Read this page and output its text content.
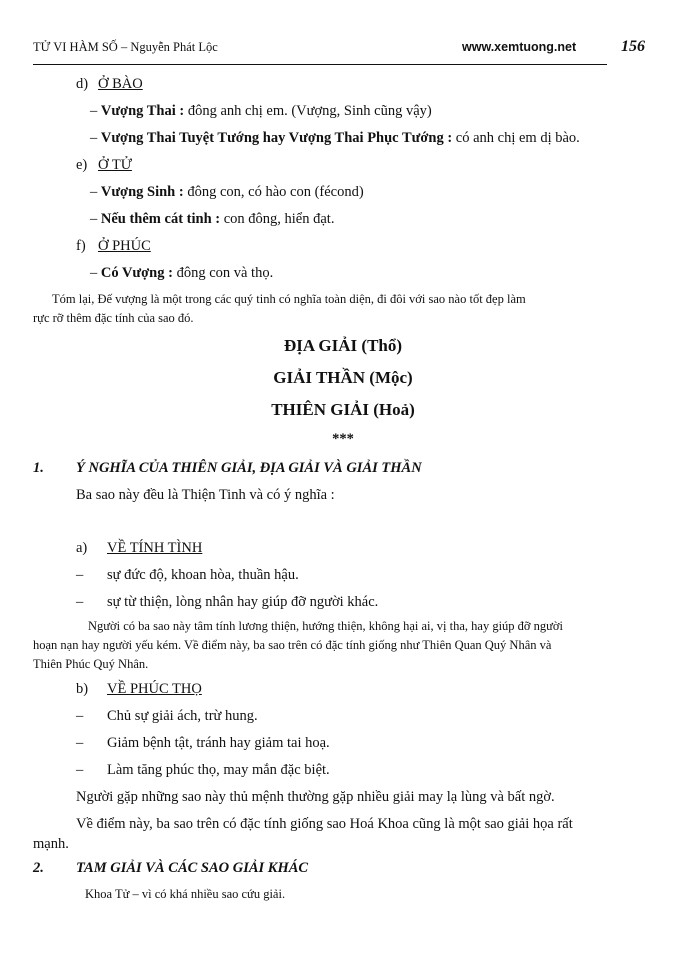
TỬ VI HÀM SỐ – Nguyễn Phát Lộc	www.xemtuong.net	156
d) Ở BÀO
– Vượng Thai : đông anh chị em. (Vượng, Sinh cũng vậy)
– Vượng Thai Tuyệt Tướng hay Vượng Thai Phục Tướng : có anh chị em dị bào.
e) Ở TỬ
– Vượng Sinh : đông con, có hào con (fécond)
– Nếu thêm cát tinh : con đông, hiển đạt.
f) Ở PHÚC
– Có Vượng : đông con và thọ.
Tóm lại, Đế vượng là một trong các quý tinh có nghĩa toàn diện, đi đôi với sao nào tốt đẹp làm
rực rỡ thêm đặc tính của sao đó.
ĐỊA GIẢI (Thổ)
GIẢI THẦN (Mộc)
THIÊN GIẢI (Hoả)
***
1. Ý NGHĨA CỦA THIÊN GIẢI, ĐỊA GIẢI VÀ GIẢI THẦN
Ba sao này đều là Thiện Tinh và có ý nghĩa :
a) VỀ TÍNH TÌNH
– sự đức độ, khoan hòa, thuần hậu.
– sự từ thiện, lòng nhân hay giúp đỡ người khác.
Người có ba sao này tâm tính lương thiện, hướng thiện, không hại ai, vị tha, hay giúp đỡ người
hoạn nạn hay người yếu kém. Về điểm này, ba sao trên có đặc tính giống như Thiên Quan Quý Nhân và
Thiên Phúc Quý Nhân.
b) VỀ PHÚC THỌ
– Chủ sự giải ách, trừ hung.
– Giảm bệnh tật, tránh hay giảm tai hoạ.
– Làm tăng phúc thọ, may mắn đặc biệt.
Người gặp những sao này thủ mệnh thường gặp nhiều giải may lạ lùng và bất ngờ.
Về điểm này, ba sao trên có đặc tính giống sao Hoá Khoa cũng là một sao giải họa rất
mạnh.
2. TAM GIẢI VÀ CÁC SAO GIẢI KHÁC
Khoa Tử – vì có khá nhiều sao cứu giải.
